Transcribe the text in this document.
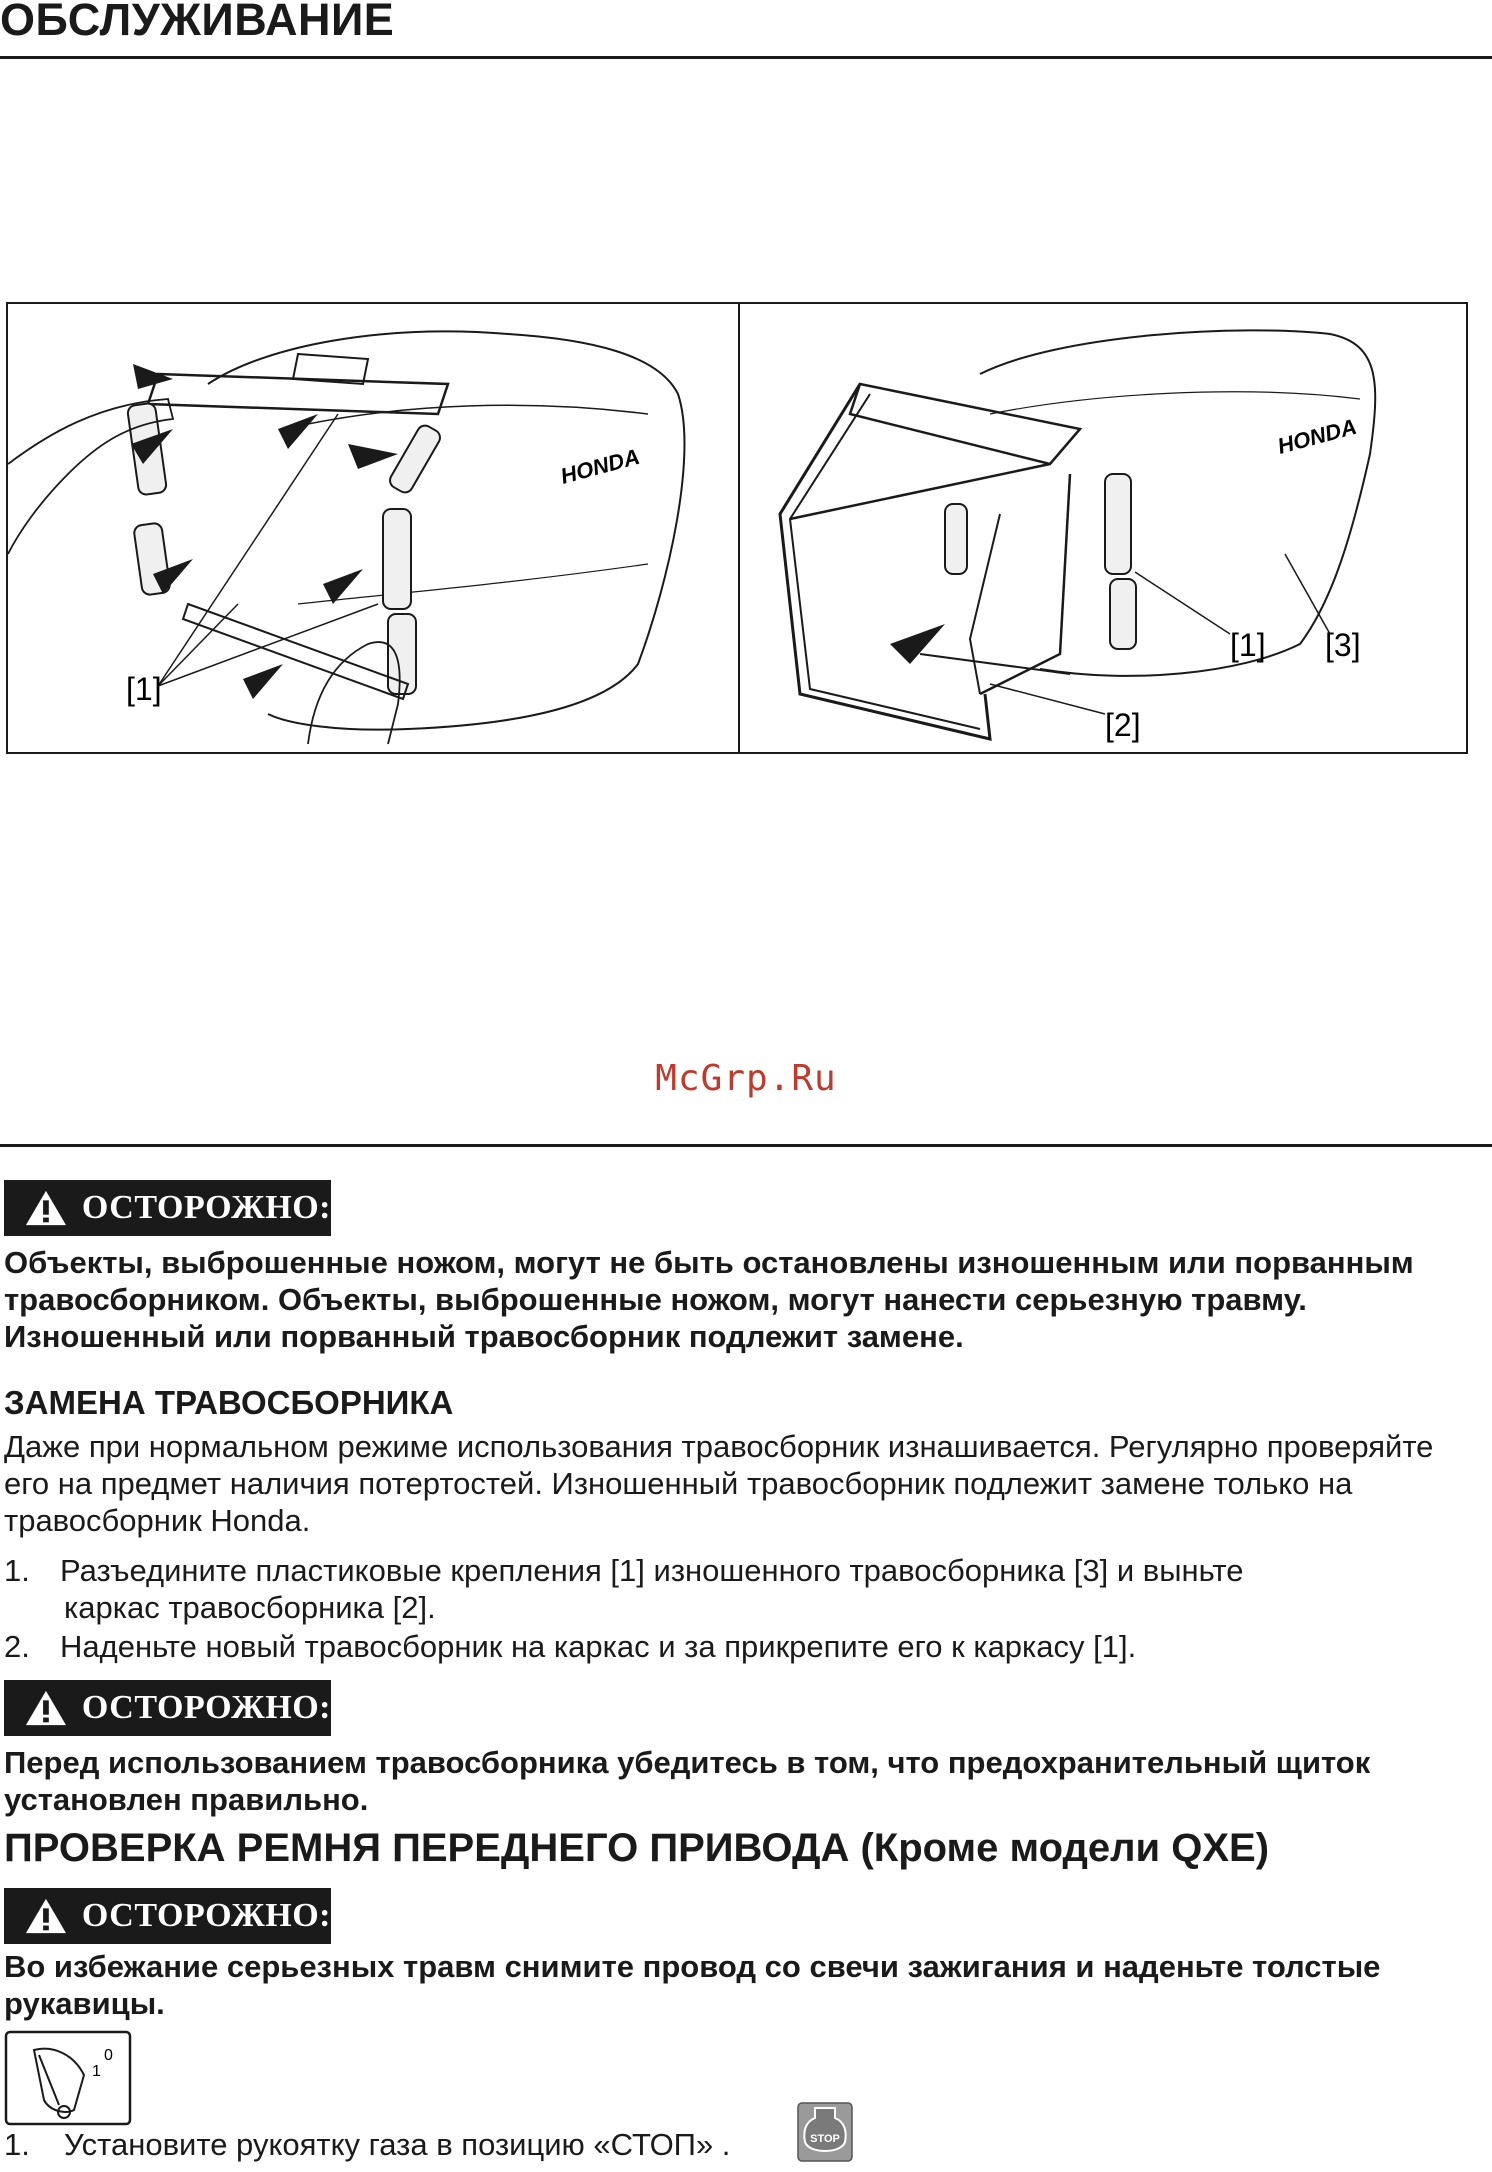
ОБСЛУЖИВАНИЕ
HONDA
[1]
HONDA
[1] [3]
[2]
McGrp.Ru
ОСТОРОЖНО:
Объекты, выброшенные ножом, могут не быть остановлены изношенным или порванным травосборником. Объекты, выброшенные ножом, могут нанести серьезную травму. Изношенный или порванный травосборник подлежит замене.
ЗАМЕНА ТРАВОСБОРНИКА
Даже при нормальном режиме использования травосборник изнашивается. Регулярно проверяйте его на предмет наличия потертостей. Изношенный травосборник подлежит замене только на травосборник Honda.
1. Разъедините пластиковые крепления [1] изношенного травосборника [3] и выньте
каркас травосборника [2].
2. Наденьте новый травосборник на каркас и за прикрепите его к каркасу [1].
ОСТОРОЖНО:
Перед использованием травосборника убедитесь в том, что предохранительный щиток установлен правильно.
ПРОВЕРКА РЕМНЯ ПЕРЕДНЕГО ПРИВОДА (Кроме модели QXE)
ОСТОРОЖНО:
Во избежание серьезных травм снимите провод со свечи зажигания и наденьте толстые рукавицы.
0
1
1. Установите рукоятку газа в позицию «СТОП» .	STOP
